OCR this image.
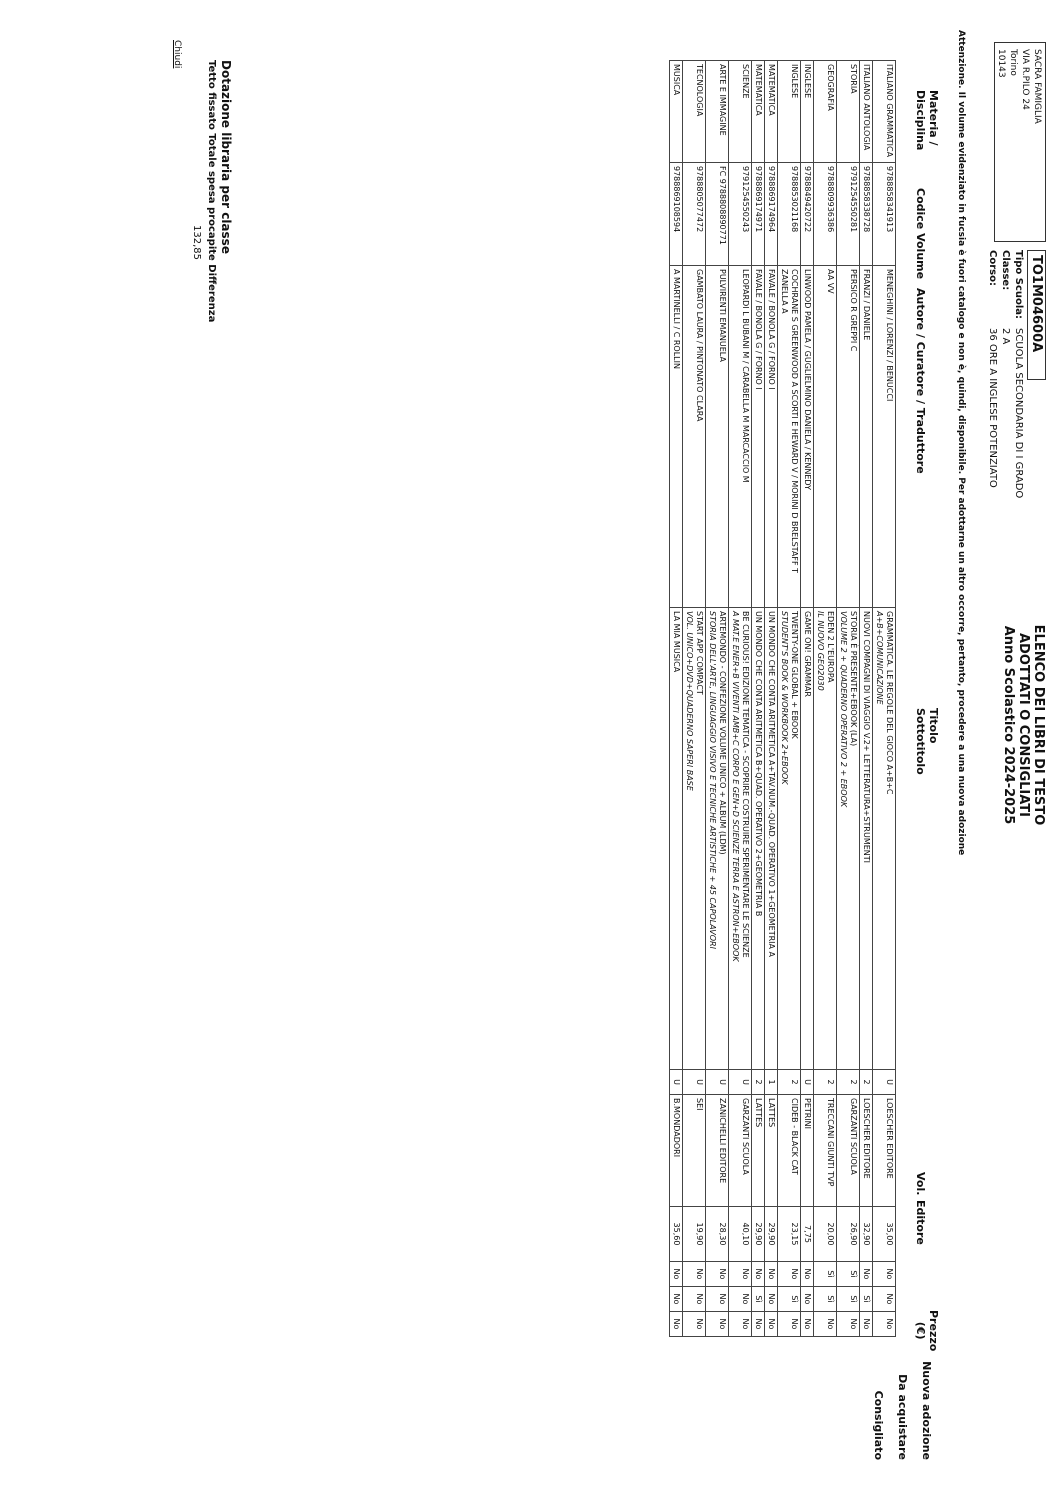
SACRA FAMIGLIA
VIA R.PILO 24
Torino
10143
TO1M04600A
Tipo Scuola:SCUOLA SECONDARIA DI I GRADO
Classe:2 A
Corso:36 ORE A INGLESE POTENZIATO
ELENCO DEI LIBRI DI TESTO
ADOTTATI O CONSIGLIATI
Anno Scolastico 2024-2025
Attenzione. Il volume evidenziato in fucsia è fuori catalogo e non è, quindi, disponibile. Per adottarne un altro occorre, pertanto, procedere a una nuova adozione
Materia /
Disciplina
Codice Volume
Autore / Curatore / Traduttore
Titolo
Sottotitolo
Vol.
Editore
Prezzo
(€)
Nuova adozione
Da acquistare
Consigliato
ITALIANO GRAMMATICA	9788858341913	MENEGHINI / LORENZI / BENUCCI	GRAMMATICA. LE REGOLE DEL GIOCO A+B+C
A+B+COMUNICAZIONE	U	LOESCHER EDITORE	35,00	No	No	No
ITALIANO ANTOLOGIA	9788858338728	FRANZI / DANIELE	NUOVI COMPAGNI DI VIAGGIO V.2+ LETTERATURA+STRUMENTI	2	LOESCHER EDITORE	32,90	No	Sì	No
STORIA	9791254550281	PERSICO R GREPPI C	STORIA È PRESENTE+EBOOK (LA)
VOLUME 2 + QUADERNO OPERATIVO 2 + EBOOK	2	GARZANTI SCUOLA	26,90	Sì	Sì	No
GEOGRAFIA	9788809936386	AA VV	EDEN 2 L'EUROPA
IL NUOVO GEO2030	2	TRECCANI GIUNTI TVP	20,00	Sì	Sì	No
INGLESE	9788849420722	LINWOOD PAMELA / GUGLIELMINO DANIELA / KENNEDY	GAME ON! GRAMMAR	U	PETRINI	7,75	No	No	No
INGLESE	9788853021168	COCHRANE S GREENWOOD A SCORTI E HEWARD V / MORINI D BRELSTAFF T ZANELLA A	TWENTY-ONE GLOBAL + EBOOK
STUDENT'S BOOK & WORKBOOK 2+EBOOK	2	CIDEB - BLACK CAT	23,15	No	Sì	No
MATEMATICA	9788869174964	FAVALE / BONOLA G / FORNO I	UN MONDO CHE CONTA ARITMETICA A+TAV.NUM.-QUAD. OPERATIVO 1+GEOMETRIA A	1	LATTES	29,90	No	No	No
MATEMATICA	9788869174971	FAVALE / BONOLA G / FORNO I	UN MONDO CHE CONTA ARITMETICA B+QUAD. OPERATIVO 2+GEOMETRIA B	2	LATTES	29,90	No	Sì	No
SCIENZE	9791254550243	LEOPARDI L BUBANI M / CARABELLA M MARCACCIO M	BE CURIOUS! EDIZIONE TEMATICA - SCOPRIRE COSTRUIRE SPERIMENTARE LE SCIENZE
A MAT.E ENER+B VIVENTI AMB+C CORPO E GEN+D SCIENZE TERRA E ASTRON+EBOOK	U	GARZANTI SCUOLA	40,10	No	No	No
ARTE E IMMAGINE	FC 9788808890771	PULVIRENTI EMANUELA	ARTEMONDO - CONFEZIONE VOLUME UNICO + ALBUM (LDM)
STORIA DELL'ARTE, LINGUAGGIO VISIVO E TECNICHE ARTISTICHE + 45 CAPOLAVORI	U	ZANICHELLI EDITORE	28,30	No	No	No
TECNOLOGIA	9788805077472	GAMBATO LAURA / PINTONATO CLARA	START APP COMPACT
VOL. UNICO+DVD+QUADERNO SAPERI BASE	U	SEI	19,90	No	No	No
MUSICA	9788869108594	A MARTINELLI / C ROLLIN	LA MIA MUSICA	U	B.MONDADORI	35,60	No	No	No
Dotazione libraria per classe
Tetto fissato Totale spesa procapite Differenza
132,85
Chiudi
